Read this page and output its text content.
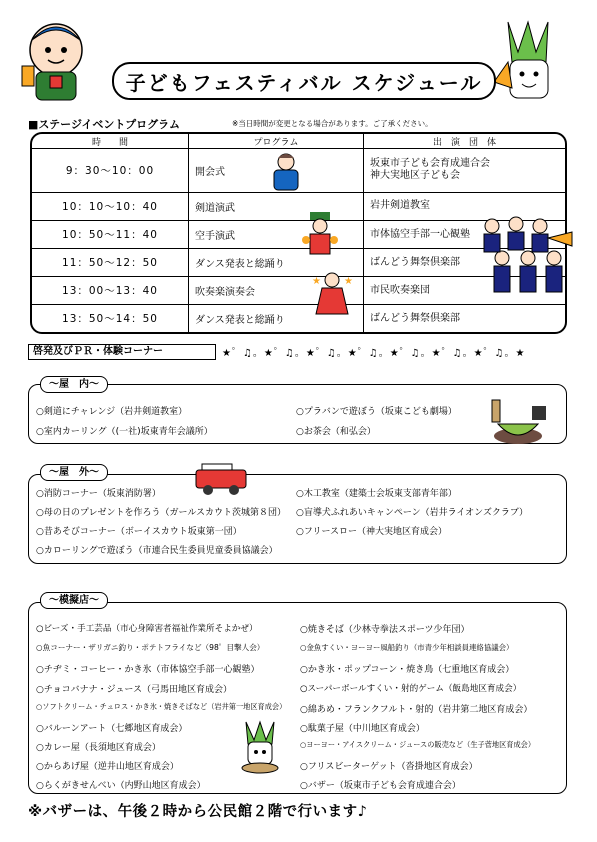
子どもフェスティバル スケジュール
■ステージイベントプログラム	※当日時間が変更となる場合があります。ご了承ください。
時　　間	プログラム	出　演　団　体
9：30〜10：00	開会式	坂東市子ども会育成連合会
神大実地区子ども会
10：10〜10：40	剣道演武	岩井剣道教室
10：50〜11：40	空手演武	市体協空手部一心観塾
11：50〜12：50	ダンス発表と総踊り	ばんどう舞祭倶楽部
13：00〜13：40	吹奏楽演奏会	市民吹奏楽団
13：50〜14：50	ダンス発表と総踊り	ばんどう舞祭倶楽部
★ ★
啓発及びＰＲ・体験コーナー	★゜♫。★゜♫。★゜♫。★゜♫。★゜♫。★゜♫。★゜♫。★
〜屋　内〜
○剣道にチャレンジ（岩井剣道教室）
○室内カーリング（(一社)坂東青年会議所）
○プラバンで遊ぼう（坂東こども劇場）
○お茶会（和弘会）
〜屋　外〜
○消防コーナー（坂東消防署）
○母の日のプレゼントを作ろう（ガールスカウト茨城第８団）
○昔あそびコーナー（ボーイスカウト坂東第一団）
○カローリングで遊ぼう（市連合民生委員児童委員協議会）
○木工教室（建築士会坂東支部青年部）
○盲導犬ふれあいキャンペーン（岩井ライオンズクラブ）
○フリースロー（神大実地区育成会）
〜模擬店〜
○ビーズ・手工芸品（市心身障害者福祉作業所そよかぜ）
○魚コーナー・ザリガニ釣り・ポテトフライなど（98゜目撃人会）
○チヂミ・コーヒー・かき氷（市体協空手部一心観塾）
○チョコバナナ・ジュース（弓馬田地区育成会）
○ソフトクリーム・チュロス・かき氷・焼きそばなど（岩井第一地区育成会）
○バルーンアート（七郷地区育成会）
○カレー屋（長須地区育成会）
○からあげ屋（逆井山地区育成会）
○らくがきせんべい（内野山地区育成会）
○焼きそば（少林寺拳法スポーツ少年団）
○金魚すくい・ヨーヨー風船釣り（市青少年相談員連絡協議会）
○かき氷・ポップコーン・焼き鳥（七重地区育成会）
○スーパーボールすくい・射的ゲーム（飯島地区育成会）
○綿あめ・フランクフルト・射的（岩井第二地区育成会）
○駄菓子屋（中川地区育成会）
○ヨーヨー・アイスクリーム・ジュースの販売など（生子菅地区育成会）
○フリスビーターゲット（沓掛地区育成会）
○バザー（坂東市子ども会育成連合会）
※バザーは、午後２時から公民館２階で行います♪
